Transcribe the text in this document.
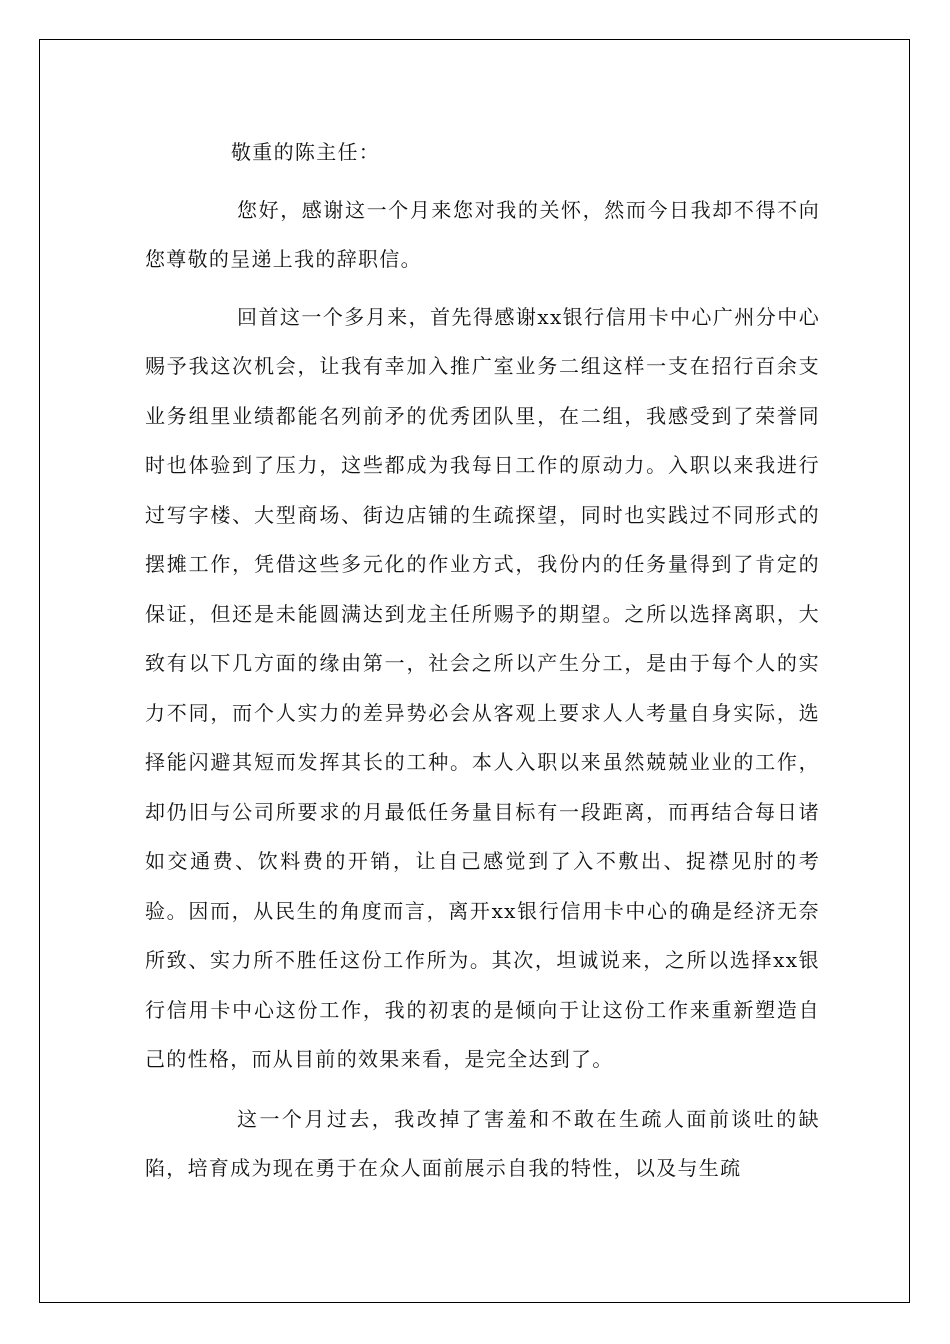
敬重的陈主任：

您好，感谢这一个月来您对我的关怀，然而今日我却不得不向您尊敬的呈递上我的辞职信。

回首这一个多月来，首先得感谢xx银行信用卡中心广州分中心赐予我这次机会，让我有幸加入推广室业务二组这样一支在招行百余支业务组里业绩都能名列前矛的优秀团队里，在二组，我感受到了荣誉同时也体验到了压力，这些都成为我每日工作的原动力。入职以来我进行过写字楼、大型商场、街边店铺的生疏探望，同时也实践过不同形式的摆摊工作，凭借这些多元化的作业方式，我份内的任务量得到了肯定的保证，但还是未能圆满达到龙主任所赐予的期望。之所以选择离职，大致有以下几方面的缘由第一，社会之所以产生分工，是由于每个人的实力不同，而个人实力的差异势必会从客观上要求人人考量自身实际，选择能闪避其短而发挥其长的工种。本人入职以来虽然兢兢业业的工作，却仍旧与公司所要求的月最低任务量目标有一段距离，而再结合每日诸如交通费、饮料费的开销，让自己感觉到了入不敷出、捉襟见肘的考验。因而，从民生的角度而言，离开xx银行信用卡中心的确是经济无奈所致、实力所不胜任这份工作所为。其次，坦诚说来，之所以选择xx银行信用卡中心这份工作，我的初衷的是倾向于让这份工作来重新塑造自己的性格，而从目前的效果来看，是完全达到了。

这一个月过去，我改掉了害羞和不敢在生疏人面前谈吐的缺陷，培育成为现在勇于在众人面前展示自我的特性，以及与生疏
